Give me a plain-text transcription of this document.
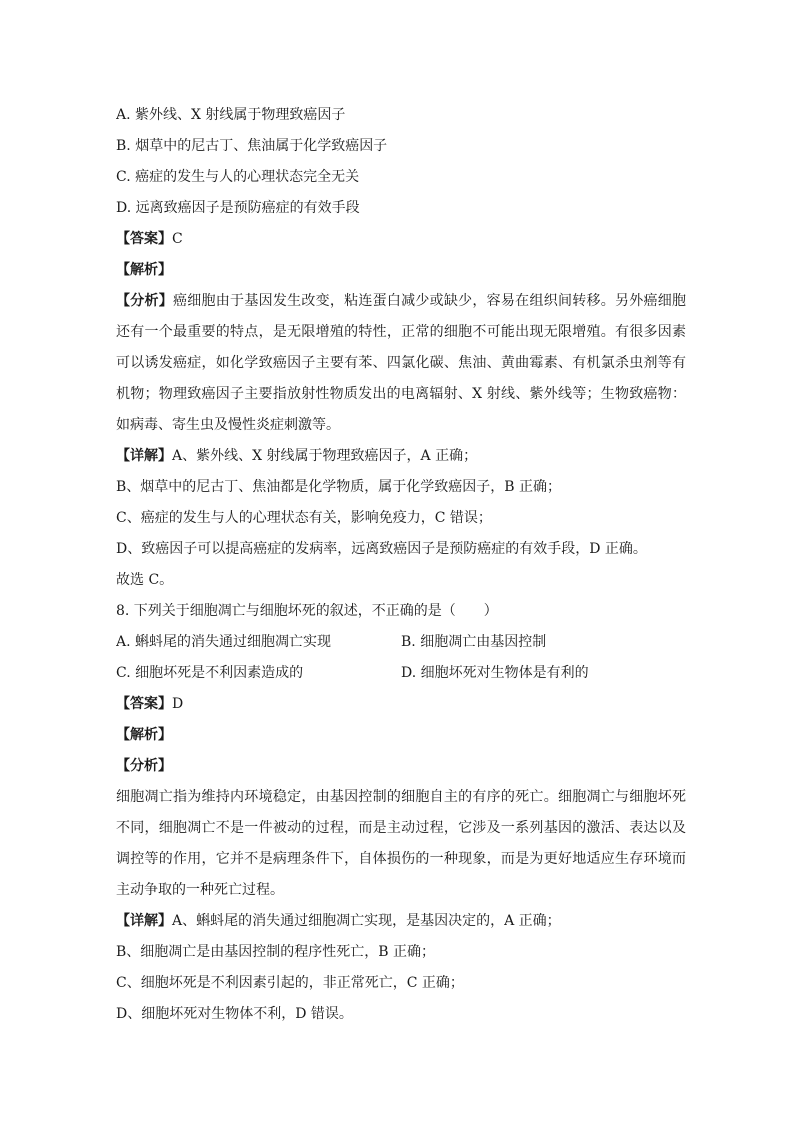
A. 紫外线、X 射线属于物理致癌因子
B. 烟草中的尼古丁、焦油属于化学致癌因子
C. 癌症的发生与人的心理状态完全无关
D. 远离致癌因子是预防癌症的有效手段
【答案】C
【解析】
【分析】癌细胞由于基因发生改变，粘连蛋白减少或缺少，容易在组织间转移。另外癌细胞还有一个最重要的特点，是无限增殖的特性，正常的细胞不可能出现无限增殖。有很多因素可以诱发癌症，如化学致癌因子主要有苯、四氯化碳、焦油、黄曲霉素、有机氯杀虫剂等有机物；物理致癌因子主要指放射性物质发出的电离辐射、X 射线、紫外线等；生物致癌物：如病毒、寄生虫及慢性炎症刺激等。
【详解】A、紫外线、X 射线属于物理致癌因子，A 正确；
B、烟草中的尼古丁、焦油都是化学物质，属于化学致癌因子，B 正确；
C、癌症的发生与人的心理状态有关，影响免疫力，C 错误；
D、致癌因子可以提高癌症的发病率，远离致癌因子是预防癌症的有效手段，D 正确。
故选 C。
8. 下列关于细胞凋亡与细胞坏死的叙述，不正确的是（　　）
A. 蝌蚪尾的消失通过细胞凋亡实现	B. 细胞凋亡由基因控制
C. 细胞坏死是不利因素造成的	D. 细胞坏死对生物体是有利的
【答案】D
【解析】
【分析】
细胞凋亡指为维持内环境稳定，由基因控制的细胞自主的有序的死亡。细胞凋亡与细胞坏死不同，细胞凋亡不是一件被动的过程，而是主动过程，它涉及一系列基因的激活、表达以及调控等的作用，它并不是病理条件下，自体损伤的一种现象，而是为更好地适应生存环境而主动争取的一种死亡过程。
【详解】A、蝌蚪尾的消失通过细胞凋亡实现，是基因决定的，A 正确；
B、细胞凋亡是由基因控制的程序性死亡，B 正确；
C、细胞坏死是不利因素引起的，非正常死亡，C 正确；
D、细胞坏死对生物体不利，D 错误。
